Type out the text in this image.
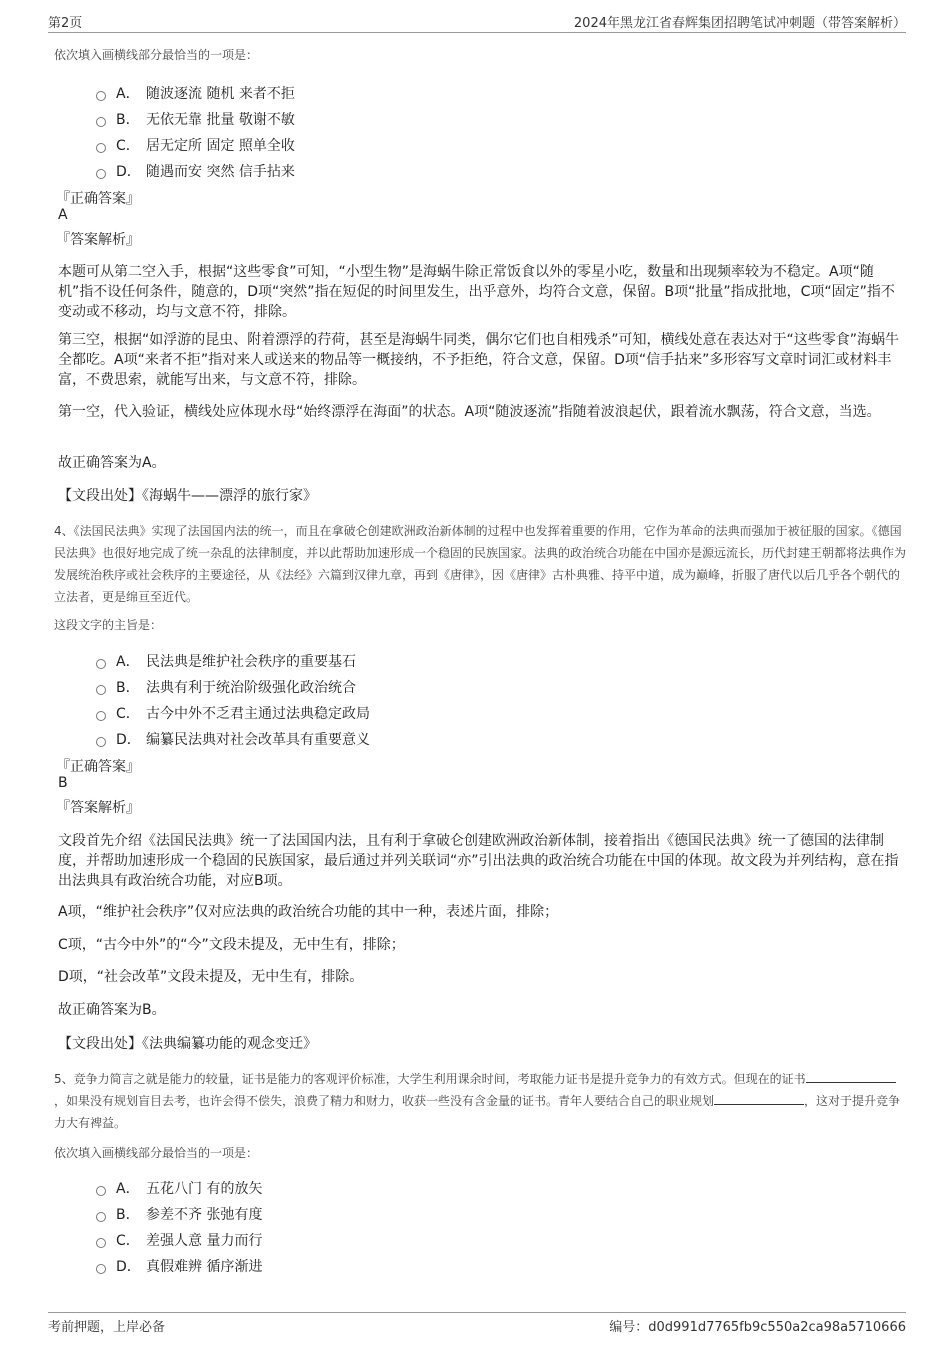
第2页	2024年黑龙江省春辉集团招聘笔试冲刺题（带答案解析）
依次填入画横线部分最恰当的一项是：
A． 随波逐流 随机 来者不拒
B． 无依无靠 批量 敬谢不敏
C． 居无定所 固定 照单全收
D． 随遇而安 突然 信手拈来
『正确答案』
A
『答案解析』
本题可从第二空入手，根据“这些零食”可知，“小型生物”是海蜗牛除正常饭食以外的零星小吃，数量和出现频率较为不稳定。A项“随机”指不设任何条件，随意的，D项“突然”指在短促的时间里发生，出乎意外，均符合文意，保留。B项“批量”指成批地，C项“固定”指不变动或不移动，均与文意不符，排除。
第三空，根据“如浮游的昆虫、附着漂浮的荇荷，甚至是海蜗牛同类，偶尔它们也自相残杀”可知，横线处意在表达对于“这些零食”海蜗牛全都吃。A项“来者不拒”指对来人或送来的物品等一概接纳，不予拒绝，符合文意，保留。D项“信手拈来”多形容写文章时词汇或材料丰富，不费思索，就能写出来，与文意不符，排除。
第一空，代入验证，横线处应体现水母“始终漂浮在海面”的状态。A项“随波逐流”指随着波浪起伏，跟着流水飘荡，符合文意，当选。
故正确答案为A。
【文段出处】《海蜗牛——漂浮的旅行家》
4、《法国民法典》实现了法国国内法的统一，而且在拿破仑创建欧洲政治新体制的过程中也发挥着重要的作用，它作为革命的法典而强加于被征服的国家。《德国民法典》也很好地完成了统一杂乱的法律制度，并以此帮助加速形成一个稳固的民族国家。法典的政治统合功能在中国亦是源远流长，历代封建王朝都将法典作为发展统治秩序或社会秩序的主要途径，从《法经》六篇到汉律九章，再到《唐律》，因《唐律》古朴典雅、持平中道，成为巅峰，折服了唐代以后几乎各个朝代的立法者，更是绵亘至近代。
这段文字的主旨是：
A． 民法典是维护社会秩序的重要基石
B． 法典有利于统治阶级强化政治统合
C． 古今中外不乏君主通过法典稳定政局
D． 编纂民法典对社会改革具有重要意义
『正确答案』
B
『答案解析』
文段首先介绍《法国民法典》统一了法国国内法，且有利于拿破仑创建欧洲政治新体制，接着指出《德国民法典》统一了德国的法律制度，并帮助加速形成一个稳固的民族国家，最后通过并列关联词“亦”引出法典的政治统合功能在中国的体现。故文段为并列结构，意在指出法典具有政治统合功能，对应B项。
A项，“维护社会秩序”仅对应法典的政治统合功能的其中一种，表述片面，排除；
C项，“古今中外”的“今”文段未提及，无中生有，排除；
D项，“社会改革”文段未提及，无中生有，排除。
故正确答案为B。
【文段出处】《法典编纂功能的观念变迁》
5、竞争力简言之就是能力的较量，证书是能力的客观评价标准，大学生利用课余时间，考取能力证书是提升竞争力的有效方式。但现在的证书，如果没有规划盲目去考，也许会得不偿失，浪费了精力和财力，收获一些没有含金量的证书。青年人要结合自己的职业规划	，这对于提升竞争力大有裨益。
依次填入画横线部分最恰当的一项是：
A． 五花八门 有的放矢
B． 参差不齐 张弛有度
C． 差强人意 量力而行
D． 真假难辨 循序渐进
考前押题，上岸必备	编号：d0d991d7765fb9c550a2ca98a5710666
